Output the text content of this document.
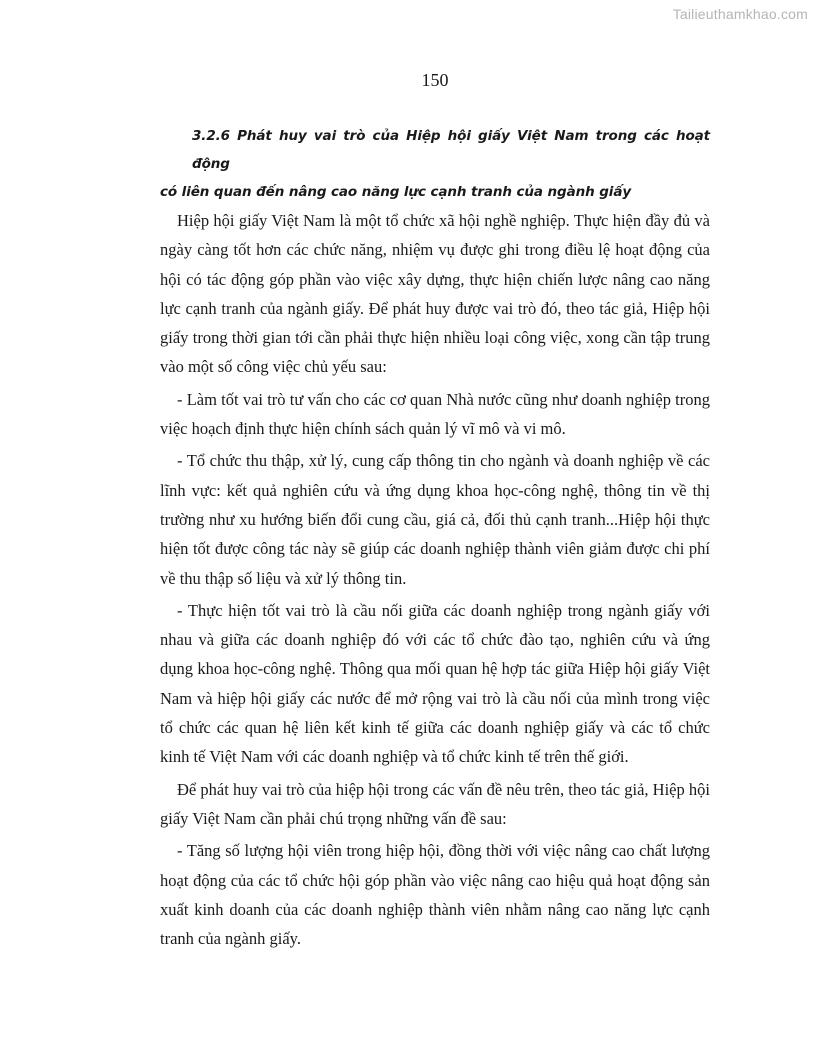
Tailieuthamkhao.com
150

3.2.6 Phát huy vai trò của Hiệp hội giấy Việt Nam trong các hoạt động
có liên quan đến nâng cao năng lực cạnh tranh của ngành giấy

Hiệp hội giấy Việt Nam là một tổ chức xã hội nghề nghiệp. Thực hiện đầy đủ và ngày càng tốt hơn các chức năng, nhiệm vụ được ghi trong điều lệ hoạt động của hội có tác động góp phần vào việc xây dựng, thực hiện chiến lược nâng cao năng lực cạnh tranh của ngành giấy. Để phát huy được vai trò đó, theo tác giả, Hiệp hội giấy trong thời gian tới cần phải thực hiện nhiều loại công việc, xong cần tập trung vào một số công việc chủ yếu sau:

- Làm tốt vai trò tư vấn cho các cơ quan Nhà nước cũng như doanh nghiệp trong việc hoạch định thực hiện chính sách quản lý vĩ mô và vi mô.

- Tổ chức thu thập, xử lý, cung cấp thông tin cho ngành và doanh nghiệp về các lĩnh vực: kết quả nghiên cứu và ứng dụng khoa học-công nghệ, thông tin về thị trường như xu hướng biến đổi cung cầu, giá cả, đối thủ cạnh tranh...Hiệp hội thực hiện tốt được công tác này sẽ giúp các doanh nghiệp thành viên giảm được chi phí về thu thập số liệu và xử lý thông tin.

- Thực hiện tốt vai trò là cầu nối giữa các doanh nghiệp trong ngành giấy với nhau và giữa các doanh nghiệp đó với các tổ chức đào tạo, nghiên cứu và ứng dụng khoa học-công nghệ. Thông qua mối quan hệ hợp tác giữa Hiệp hội giấy Việt Nam và hiệp hội giấy các nước để mở rộng vai trò là cầu nối của mình trong việc tổ chức các quan hệ liên kết kinh tế giữa các doanh nghiệp giấy và các tổ chức kinh tế Việt Nam với các doanh nghiệp và tổ chức kinh tế trên thế giới.

Để phát huy vai trò của hiệp hội trong các vấn đề nêu trên, theo tác giả, Hiệp hội giấy Việt Nam cần phải chú trọng những vấn đề sau:

- Tăng số lượng hội viên trong hiệp hội, đồng thời với việc nâng cao chất lượng hoạt động của các tổ chức hội góp phần vào việc nâng cao hiệu quả hoạt động sản xuất kinh doanh của các doanh nghiệp thành viên nhằm nâng cao năng lực cạnh tranh của ngành giấy.
